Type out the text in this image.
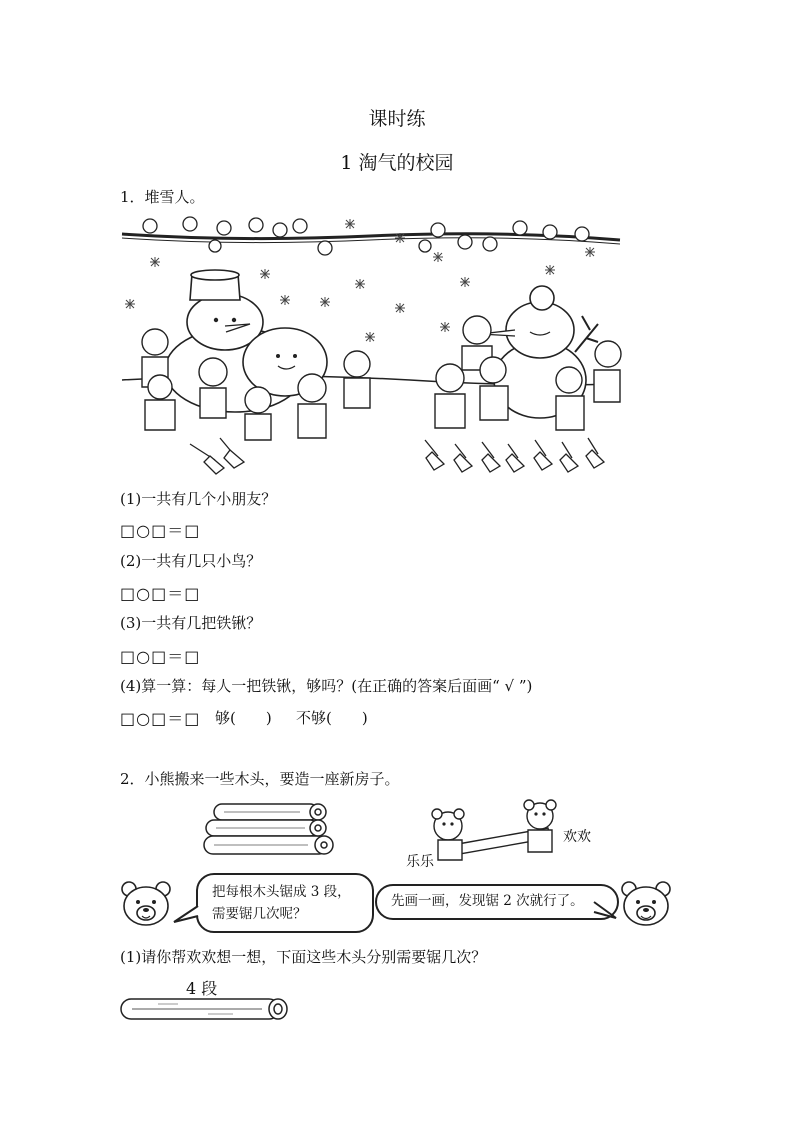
课时练
1 淘气的校园
1．堆雪人。
(1)一共有几个小朋友？
□○□＝□
(2)一共有几只小鸟？
□○□＝□
(3)一共有几把铁锹？
□○□＝□
(4)算一算：每人一把铁锹，够吗？(在正确的答案后面画“ √ ”)
□○□＝□ 够(　　) 不够(　　)
2．小熊搬来一些木头，要造一座新房子。
乐乐
欢欢
把每根木头锯成 3 段，
需要锯几次呢？
先画一画，发现锯 2 次就行了。
(1)请你帮欢欢想一想，下面这些木头分别需要锯几次？
4 段
